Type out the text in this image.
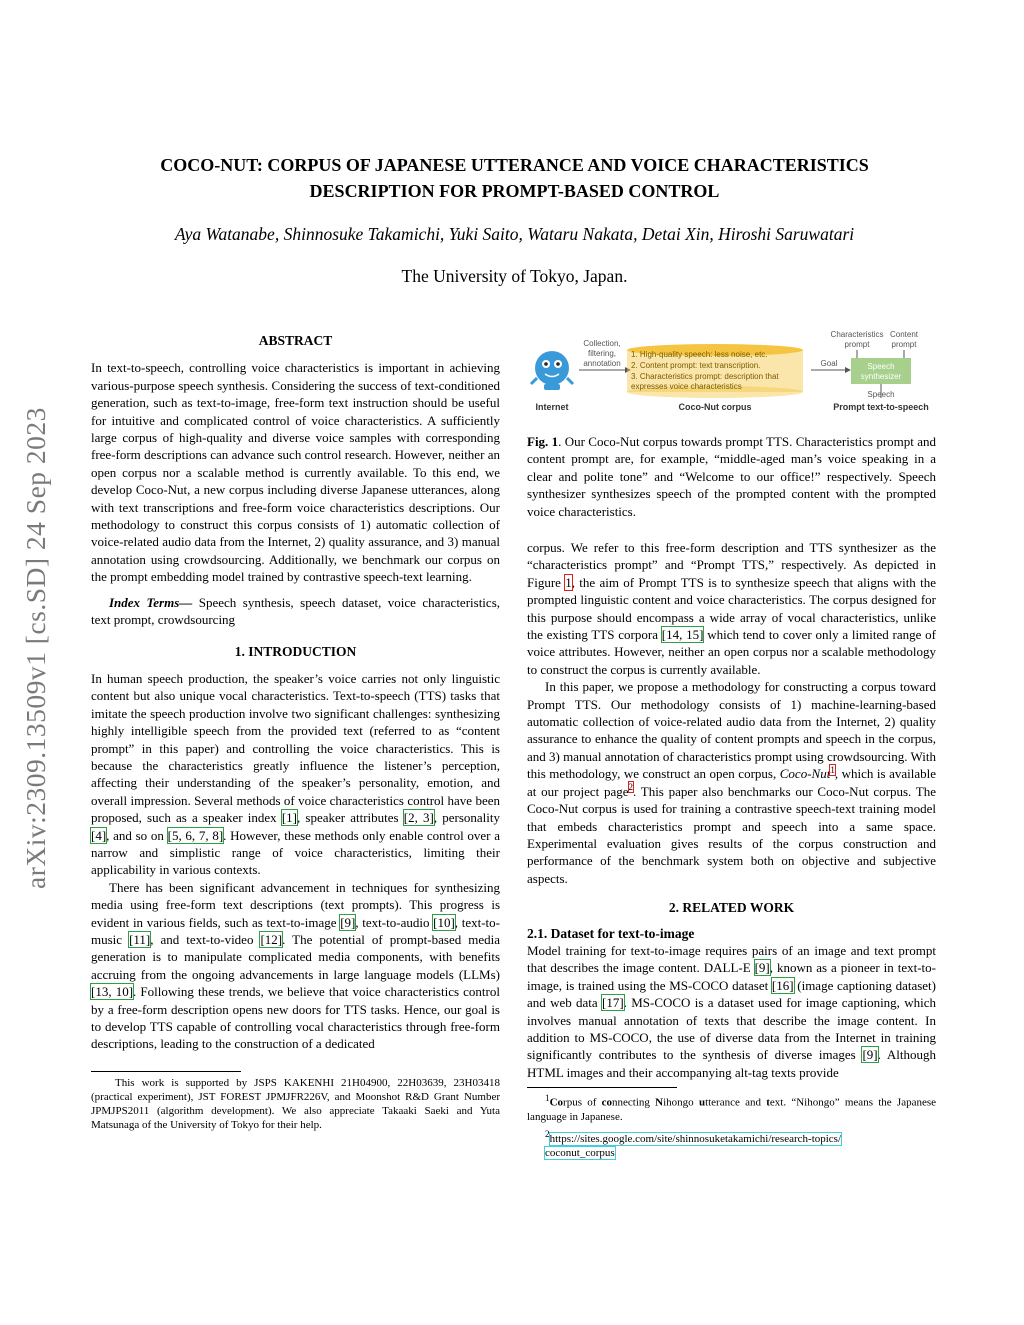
arXiv:2309.13509v1 [cs.SD] 24 Sep 2023
COCO-NUT: CORPUS OF JAPANESE UTTERANCE AND VOICE CHARACTERISTICS
DESCRIPTION FOR PROMPT-BASED CONTROL
Aya Watanabe, Shinnosuke Takamichi, Yuki Saito, Wataru Nakata, Detai Xin, Hiroshi Saruwatari
The University of Tokyo, Japan.
ABSTRACT

In text-to-speech, controlling voice characteristics is important in achieving various-purpose speech synthesis. Considering the success of text-conditioned generation, such as text-to-image, free-form text instruction should be useful for intuitive and complicated control of voice characteristics. A sufficiently large corpus of high-quality and diverse voice samples with corresponding free-form descriptions can advance such control research. However, neither an open corpus nor a scalable method is currently available. To this end, we develop Coco-Nut, a new corpus including diverse Japanese utterances, along with text transcriptions and free-form voice characteristics descriptions. Our methodology to construct this corpus consists of 1) automatic collection of voice-related audio data from the Internet, 2) quality assurance, and 3) manual annotation using crowdsourcing. Additionally, we benchmark our corpus on the prompt embedding model trained by contrastive speech-text learning.

Index Terms— Speech synthesis, speech dataset, voice characteristics, text prompt, crowdsourcing

1. INTRODUCTION

In human speech production, the speaker’s voice carries not only linguistic content but also unique vocal characteristics. Text-to-speech (TTS) tasks that imitate the speech production involve two significant challenges: synthesizing highly intelligible speech from the provided text (referred to as “content prompt” in this paper) and controlling the voice characteristics. This is because the characteristics greatly influence the listener’s perception, affecting their understanding of the speaker’s personality, emotion, and overall impression. Several methods of voice characteristics control have been proposed, such as a speaker index [1], speaker attributes [2, 3], personality [4], and so on [5, 6, 7, 8]. However, these methods only enable control over a narrow and simplistic range of voice characteristics, limiting their applicability in various contexts.

There has been significant advancement in techniques for synthesizing media using free-form text descriptions (text prompts). This progress is evident in various fields, such as text-to-image [9], text-to-audio [10], text-to-music [11], and text-to-video [12]. The potential of prompt-based media generation is to manipulate complicated media components, with benefits accruing from the ongoing advancements in large language models (LLMs) [13, 10]. Following these trends, we believe that voice characteristics control by a free-form description opens new doors for TTS tasks. Hence, our goal is to develop TTS capable of controlling vocal characteristics through free-form descriptions, leading to the construction of a dedicated

This work is supported by JSPS KAKENHI 21H04900, 22H03639, 23H03418 (practical experiment), JST FOREST JPMJFR226V, and Moonshot R&D Grant Number JPMJPS2011 (algorithm development). We also appreciate Takaaki Saeki and Yuta Matsunaga of the University of Tokyo for their help.

Internet
Collection,
filtering,
annotation
1. High-quality speech: less noise, etc.
2. Content prompt: text transcription.
3. Characteristics prompt: description that
expresses voice characteristics
Coco-Nut corpus
Goal
Characteristics
prompt
Content
prompt
Speech
synthesizer
Speech
Prompt text-to-speech
Fig. 1. Our Coco-Nut corpus towards prompt TTS. Characteristics prompt and content prompt are, for example, “middle-aged man’s voice speaking in a clear and polite tone” and “Welcome to our office!” respectively. Speech synthesizer synthesizes speech of the prompted content with the prompted voice characteristics.

corpus. We refer to this free-form description and TTS synthesizer as the “characteristics prompt” and “Prompt TTS,” respectively. As depicted in Figure 1, the aim of Prompt TTS is to synthesize speech that aligns with the prompted linguistic content and voice characteristics. The corpus designed for this purpose should encompass a wide array of vocal characteristics, unlike the existing TTS corpora [14, 15] which tend to cover only a limited range of voice attributes. However, neither an open corpus nor a scalable methodology to construct the corpus is currently available.

In this paper, we propose a methodology for constructing a corpus toward Prompt TTS. Our methodology consists of 1) machine-learning-based automatic collection of voice-related audio data from the Internet, 2) quality assurance to enhance the quality of content prompts and speech in the corpus, and 3) manual annotation of characteristics prompt using crowdsourcing. With this methodology, we construct an open corpus, Coco-Nut$^1$, which is available at our project page$^2$. This paper also benchmarks our Coco-Nut corpus. The Coco-Nut corpus is used for training a contrastive speech-text training model that embeds characteristics prompt and speech into a same space. Experimental evaluation gives results of the corpus construction and performance of the benchmark system both on objective and subjective aspects.

2. RELATED WORK
2.1. Dataset for text-to-image

Model training for text-to-image requires pairs of an image and text prompt that describes the image content. DALL-E [9], known as a pioneer in text-to-image, is trained using the MS-COCO dataset [16] (image captioning dataset) and web data [17]. MS-COCO is a dataset used for image captioning, which involves manual annotation of texts that describe the image content. In addition to MS-COCO, the use of diverse data from the Internet in training significantly contributes to the synthesis of diverse images [9]. Although HTML images and their accompanying alt-tag texts provide

$^1$Corpus of connecting Nihongo utterance and text. “Nihongo” means the Japanese language in Japanese.

$^2$https://sites.google.com/site/shinnosuketakamichi/research-topics/

coconut_corpus
